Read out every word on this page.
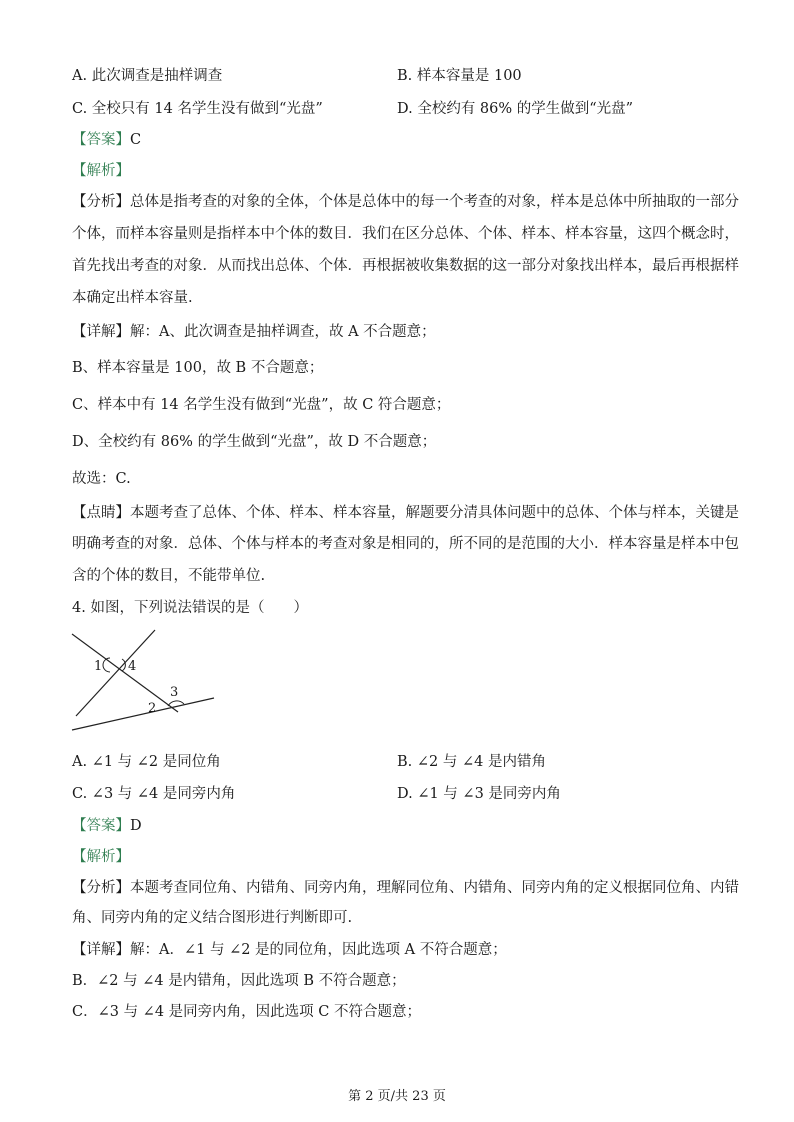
A. 此次调查是抽样调查	B. 样本容量是 100
C. 全校只有 14 名学生没有做到“光盘”	D. 全校约有 86% 的学生做到“光盘”
【答案】C
【解析】
【分析】总体是指考查的对象的全体，个体是总体中的每一个考查的对象，样本是总体中所抽取的一部分
个体，而样本容量则是指样本中个体的数目．我们在区分总体、个体、样本、样本容量，这四个概念时，
首先找出考查的对象．从而找出总体、个体．再根据被收集数据的这一部分对象找出样本，最后再根据样
本确定出样本容量.
【详解】解：A、此次调查是抽样调查，故 A 不合题意；
B、样本容量是 100，故 B 不合题意；
C、样本中有 14 名学生没有做到“光盘”，故 C 符合题意；
D、全校约有 86% 的学生做到“光盘”，故 D 不合题意；
故选：C.
【点睛】本题考查了总体、个体、样本、样本容量，解题要分清具体问题中的总体、个体与样本，关键是
明确考查的对象．总体、个体与样本的考查对象是相同的，所不同的是范围的大小．样本容量是样本中包
含的个体的数目，不能带单位.
4. 如图，下列说法错误的是（　　）
1 4
3
2
A. ∠1 与 ∠2 是同位角	B. ∠2 与 ∠4 是内错角
C. ∠3 与 ∠4 是同旁内角	D. ∠1 与 ∠3 是同旁内角
【答案】D
【解析】
【分析】本题考查同位角、内错角、同旁内角，理解同位角、内错角、同旁内角的定义根据同位角、内错
角、同旁内角的定义结合图形进行判断即可.
【详解】解：A．∠1 与 ∠2 是的同位角，因此选项 A 不符合题意；
B．∠2 与 ∠4 是内错角，因此选项 B 不符合题意；
C．∠3 与 ∠4 是同旁内角，因此选项 C 不符合题意；
第 2 页/共 23 页
